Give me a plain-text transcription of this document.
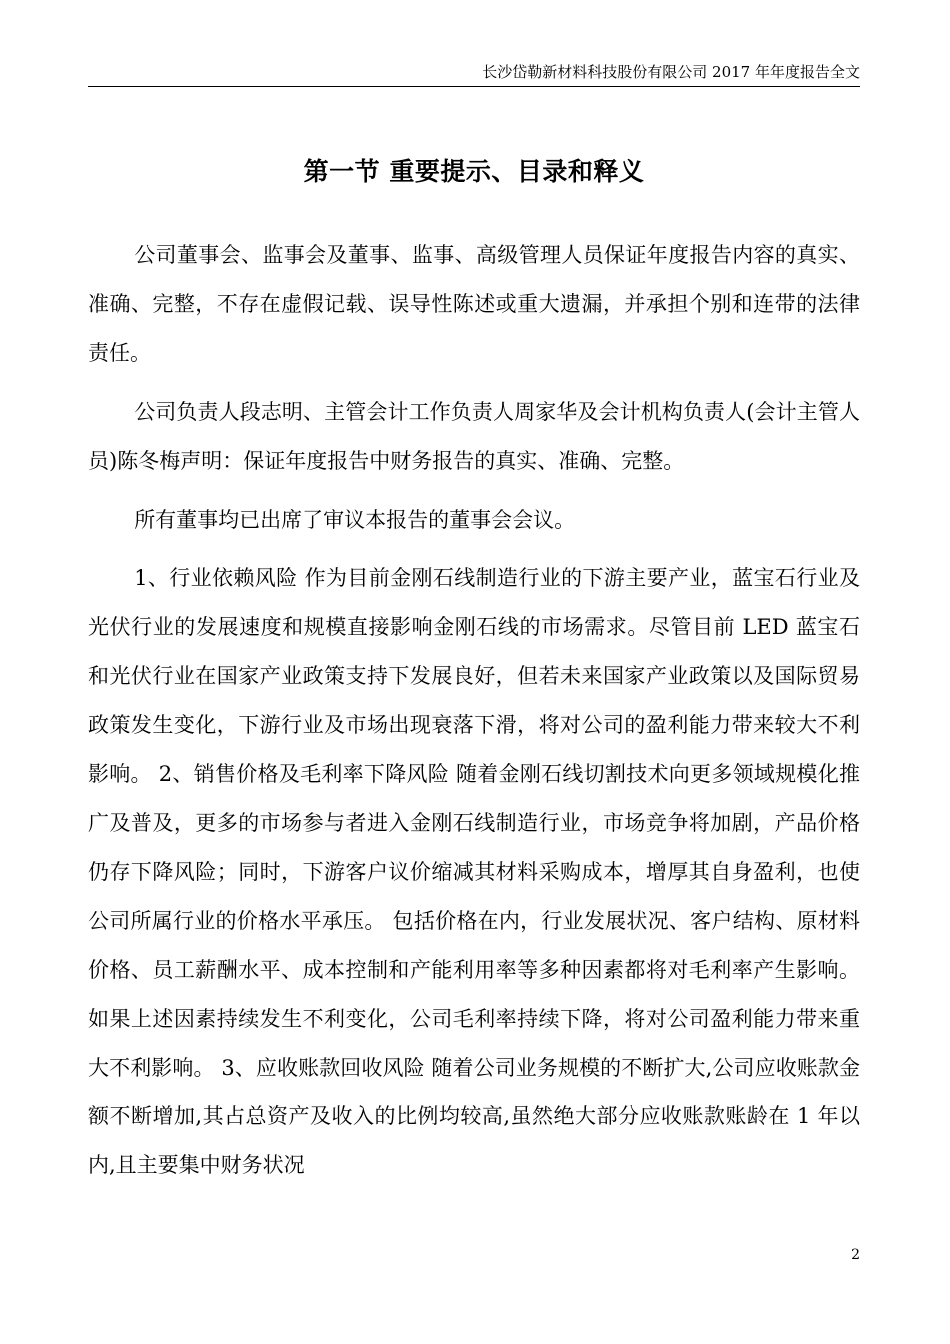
长沙岱勒新材料科技股份有限公司 2017 年年度报告全文
第一节 重要提示、目录和释义

公司董事会、监事会及董事、监事、高级管理人员保证年度报告内容的真实、准确、完整，不存在虚假记载、误导性陈述或重大遗漏，并承担个别和连带的法律责任。

公司负责人段志明、主管会计工作负责人周家华及会计机构负责人(会计主管人员)陈冬梅声明：保证年度报告中财务报告的真实、准确、完整。

所有董事均已出席了审议本报告的董事会会议。

1、行业依赖风险 作为目前金刚石线制造行业的下游主要产业，蓝宝石行业及光伏行业的发展速度和规模直接影响金刚石线的市场需求。尽管目前 LED 蓝宝石和光伏行业在国家产业政策支持下发展良好，但若未来国家产业政策以及国际贸易政策发生变化，下游行业及市场出现衰落下滑，将对公司的盈利能力带来较大不利影响。 2、销售价格及毛利率下降风险 随着金刚石线切割技术向更多领域规模化推广及普及，更多的市场参与者进入金刚石线制造行业，市场竞争将加剧，产品价格仍存下降风险；同时，下游客户议价缩减其材料采购成本，增厚其自身盈利，也使公司所属行业的价格水平承压。 包括价格在内，行业发展状况、客户结构、原材料价格、员工薪酬水平、成本控制和产能利用率等多种因素都将对毛利率产生影响。如果上述因素持续发生不利变化，公司毛利率持续下降，将对公司盈利能力带来重大不利影响。 3、应收账款回收风险 随着公司业务规模的不断扩大,公司应收账款金额不断增加,其占总资产及收入的比例均较高,虽然绝大部分应收账款账龄在 1 年以内,且主要集中财务状况

2
